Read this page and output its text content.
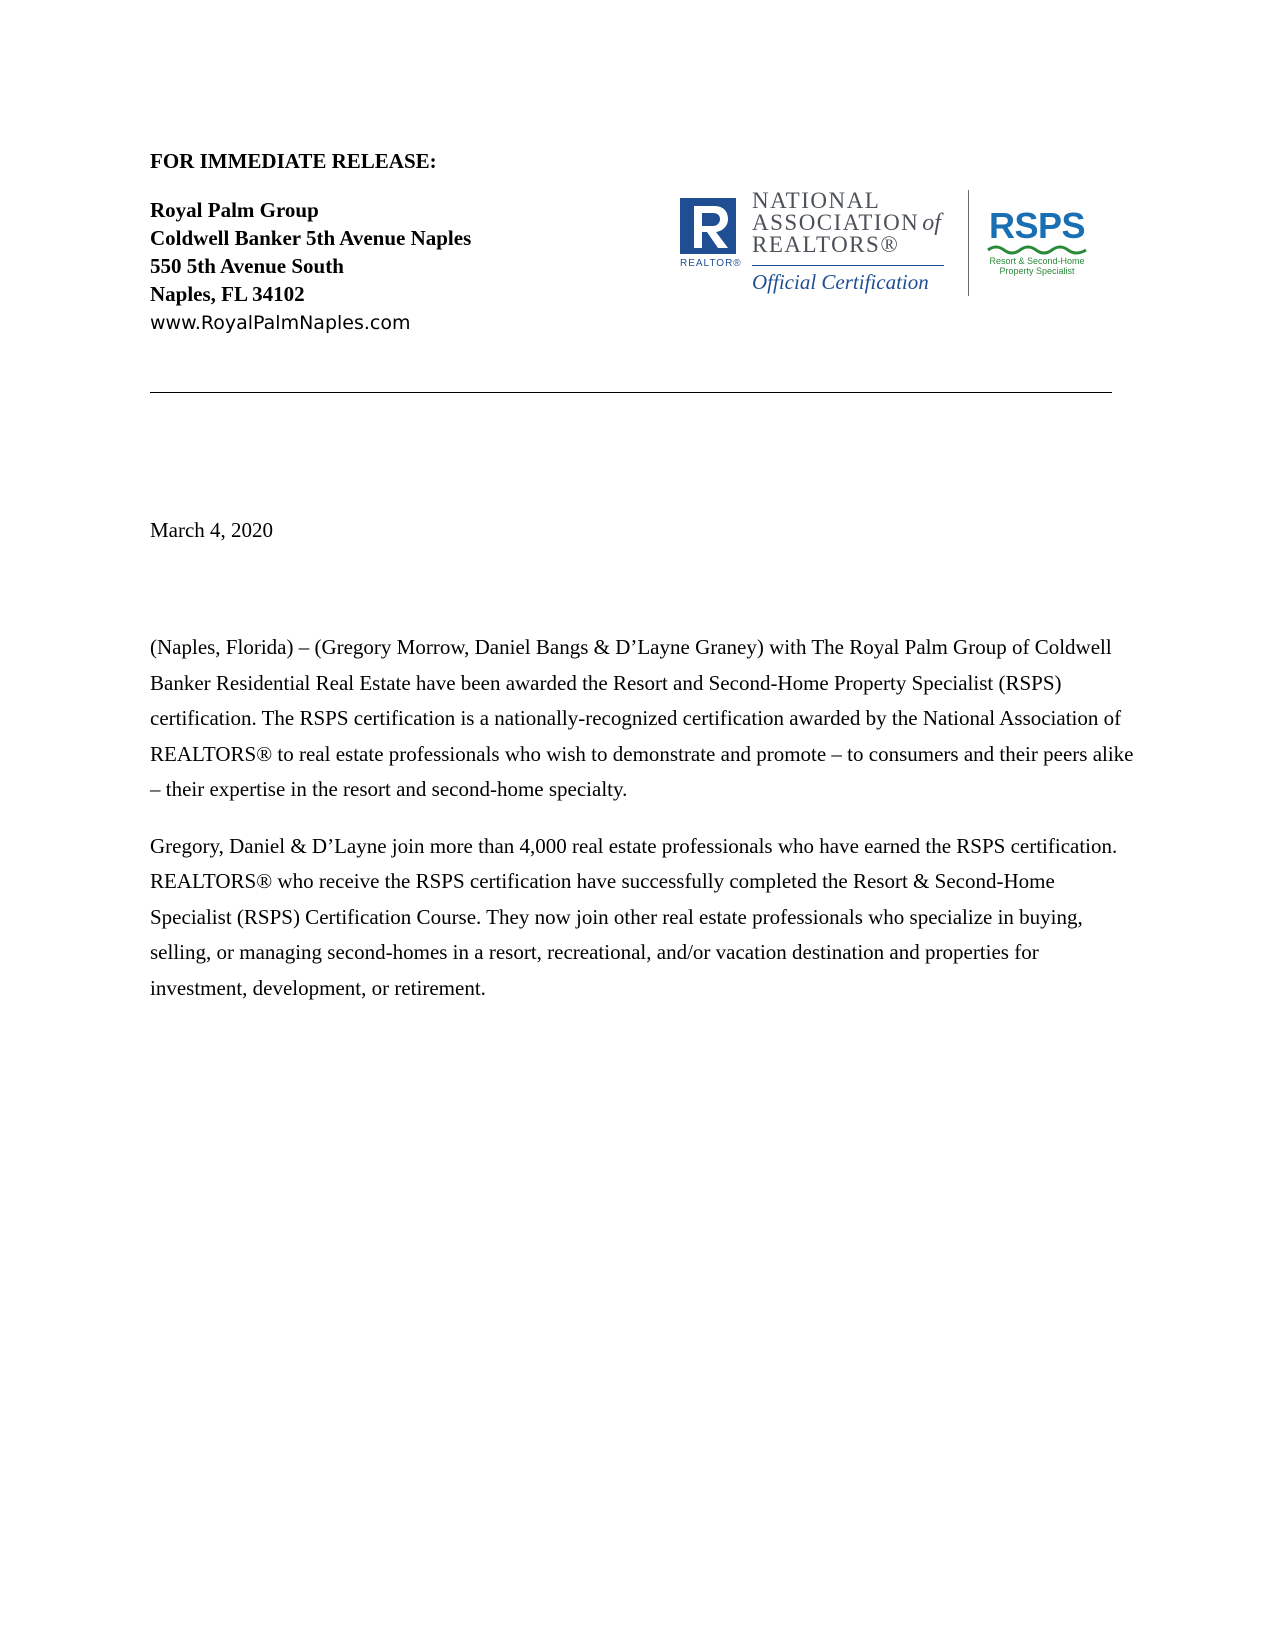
FOR IMMEDIATE RELEASE:
Royal Palm Group
Coldwell Banker 5th Avenue Naples
550 5th Avenue South
Naples, FL 34102
www.RoyalPalmNaples.com
REALTOR®
NATIONAL
ASSOCIATION of
REALTORS®
Official Certification
RSPS
Resort & Second-Home
Property Specialist
March 4, 2020

(Naples, Florida) – (Gregory Morrow, Daniel Bangs & D’Layne Graney) with The Royal Palm Group of Coldwell Banker Residential Real Estate have been awarded the Resort and Second-Home Property Specialist (RSPS) certification. The RSPS certification is a nationally-recognized certification awarded by the National Association of REALTORS® to real estate professionals who wish to demonstrate and promote – to consumers and their peers alike – their expertise in the resort and second-home specialty.

Gregory, Daniel & D’Layne join more than 4,000 real estate professionals who have earned the RSPS certification. REALTORS® who receive the RSPS certification have successfully completed the Resort & Second-Home Specialist (RSPS) Certification Course. They now join other real estate professionals who specialize in buying, selling, or managing second-homes in a resort, recreational, and/or vacation destination and properties for investment, development, or retirement.
